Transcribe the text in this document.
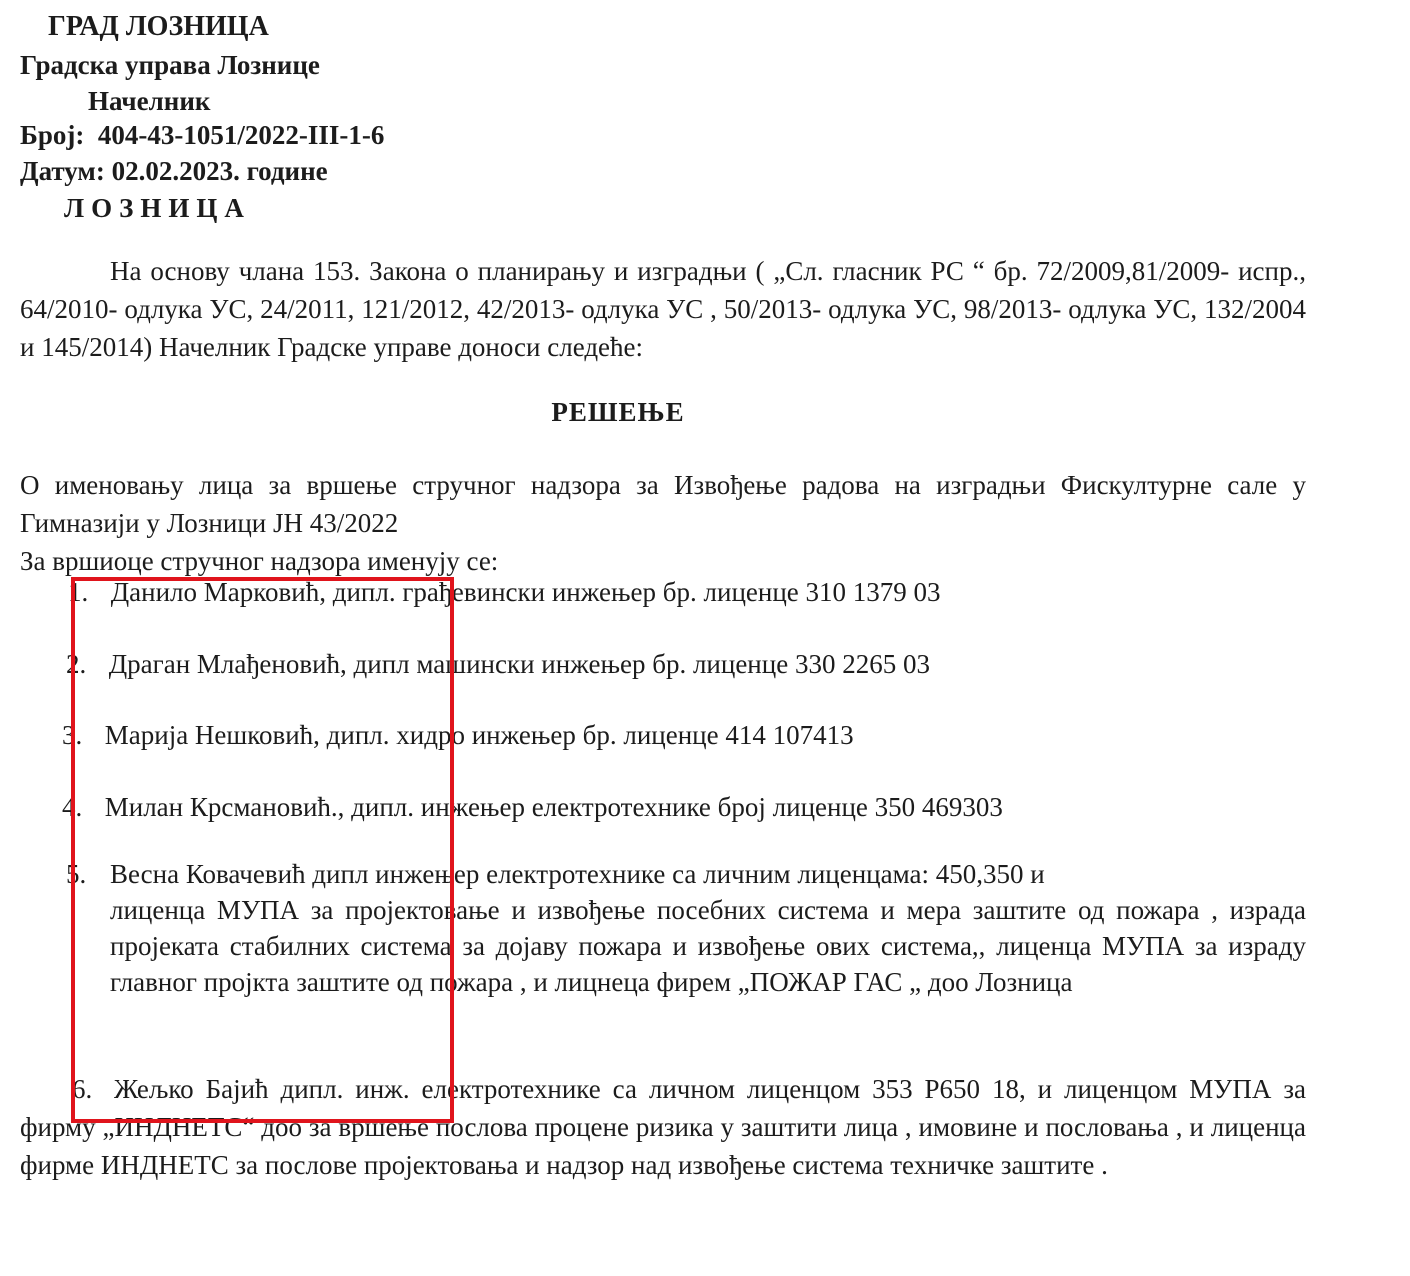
ГРАД ЛОЗНИЦА
Градска управа Лознице
Начелник
Број: 404-43-1051/2022-III-1-6
Датум: 02.02.2023. године
ЛОЗНИЦА
На основу члана 153. Закона о планирању и изградњи ( „Сл. гласник РС “ бр. 72/2009,81/2009- испр., 64/2010- одлука УС, 24/2011, 121/2012, 42/2013- одлука УС , 50/2013- одлука УС, 98/2013- одлука УС, 132/2004 и 145/2014) Начелник Градске управе доноси следеће:
РЕШЕЊЕ
О именовању лица за вршење стручног надзора за Извођење радова на изградњи Фискултурне сале у Гимназији у Лозници ЈН 43/2022
За вршиоце стручног надзора именују се:
1. Данило Марковић, дипл. грађевински инжењер бр. лиценце 310 1379 03
2. Драган Млађеновић, дипл машински инжењер бр. лиценце 330 2265 03
3. Марија Нешковић, дипл. хидро инжењер бр. лиценце 414 107413
4. Милан Крсмановић., дипл. инжењер електротехнике број лиценце 350 469303
5. Весна Ковачевић дипл инжењер електротехнике са личним лиценцама: 450,350 и
лиценца МУПА за пројектовање и извођење посебних система и мера заштите од пожара , израда пројеката стабилних система за дојаву пожара и извођење ових система,, лиценца МУПА за израду главног пројкта заштите од пожара , и лицнеца фирем „ПОЖАР ГАС „ доо Лозница
6. Жељко Бајић дипл. инж. електротехнике са личном лиценцом 353 Р650 18, и лиценцом МУПА за фирму „ИНДНЕТС“ доо за вршење послова процене ризика у заштити лица , имовине и пословања , и лиценца фирме ИНДНЕТС за послове пројектовања и надзор над извођење система техничке заштите .
